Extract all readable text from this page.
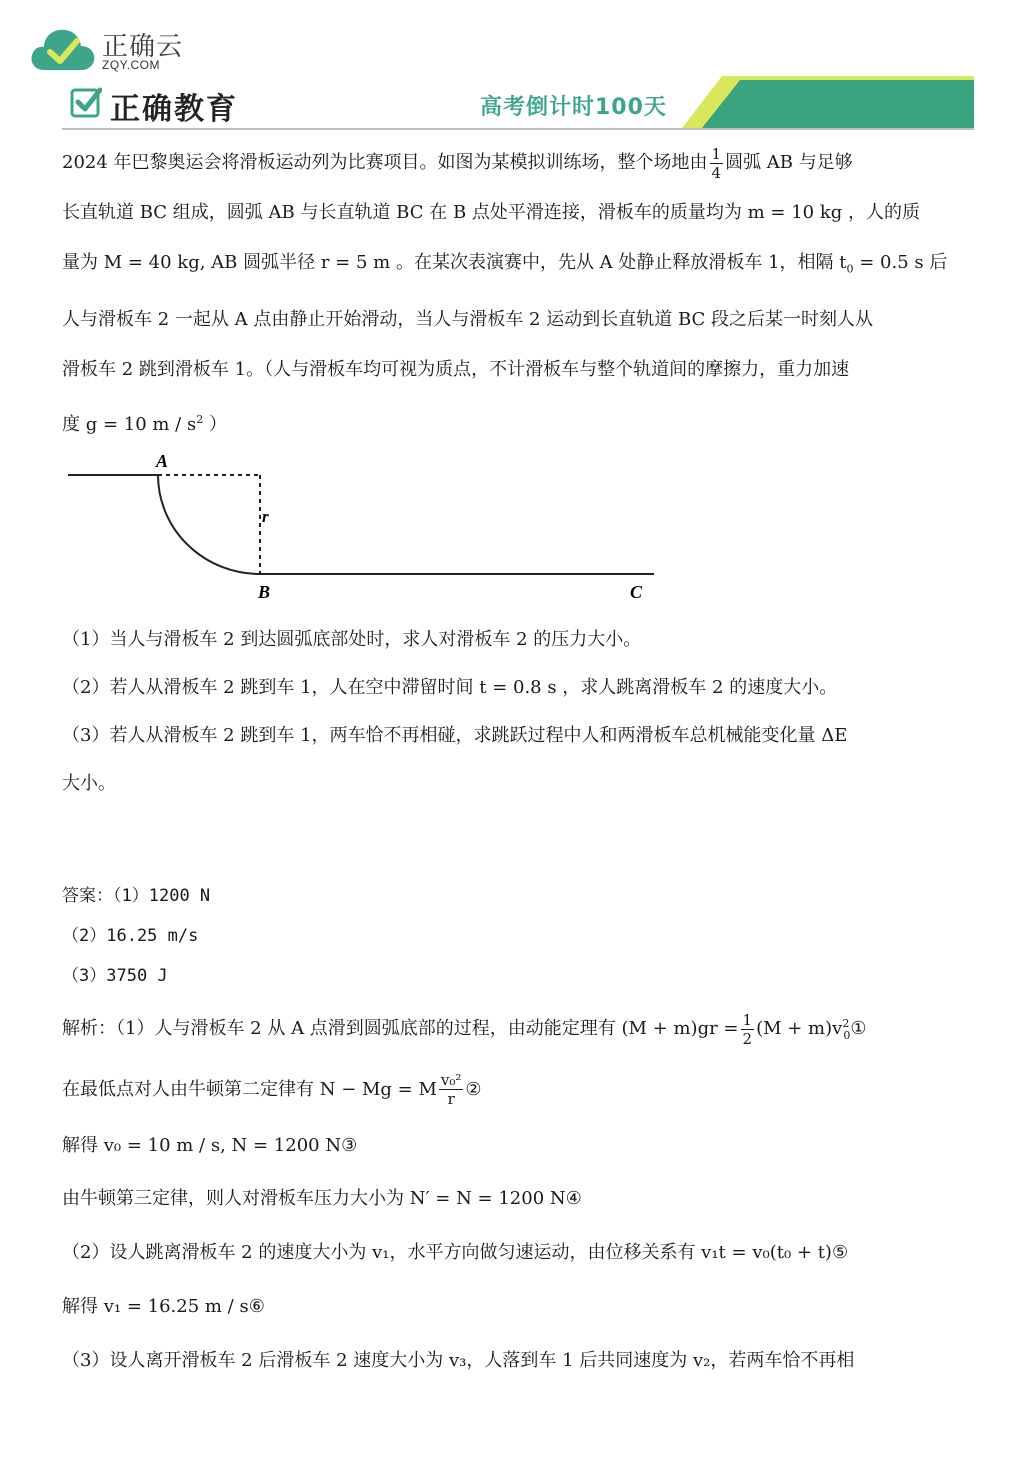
正确云
ZQY.COM
正确教育	高考倒计时100天
每日一题

2024 年巴黎奥运会将滑板运动列为比赛项目。如图为某模拟训练场，整个场地由 $\frac{1}{4}$ 圆弧 AB 与足够

长直轨道 BC 组成，圆弧 AB 与长直轨道 BC 在 B 点处平滑连接，滑板车的质量均为 m = 10 kg ，人的质

量为 M = 40 kg, AB 圆弧半径 r = 5 m 。在某次表演赛中，先从 A 处静止释放滑板车 1，相隔 $t_0 = 0.5$ s 后

人与滑板车 2 一起从 A 点由静止开始滑动，当人与滑板车 2 运动到长直轨道 BC 段之后某一时刻人从

滑板车 2 跳到滑板车 1。（人与滑板车均可视为质点，不计滑板车与整个轨道间的摩擦力，重力加速

度 g = 10 m / $s^2$ ）

A
r
B	C

（1）当人与滑板车 2 到达圆弧底部处时，求人对滑板车 2 的压力大小。

（2）若人从滑板车 2 跳到车 1，人在空中滞留时间 t = 0.8 s ，求人跳离滑板车 2 的速度大小。

（3）若人从滑板车 2 跳到车 1，两车恰不再相碰，求跳跃过程中人和两滑板车总机械能变化量 ΔE

大小。

答案：（1）1200 N

（2）16.25 m/s

（3）3750 J

解析：（1）人与滑板车 2 从 A 点滑到圆弧底部的过程，由动能定理有 $(M + m)gr = \frac{1}{2} (M$ + $m)v^2_0①$

在最低点对人由牛顿第二定律有 N − Mg = M $\frac{\text{v₀²}}{r}$ ②

解得 v₀ = 10 m / s, N = 1200 N③

由牛顿第三定律，则人对滑板车压力大小为 N′ = N = 1200 N④

（2）设人跳离滑板车 2 的速度大小为 v₁，水平方向做匀速运动，由位移关系有 v₁t = v₀(t₀ + t)⑤

解得 v₁ = 16.25 m / s⑥

（3）设人离开滑板车 2 后滑板车 2 速度大小为 v₃，人落到车 1 后共同速度为 v₂，若两车恰不再相
